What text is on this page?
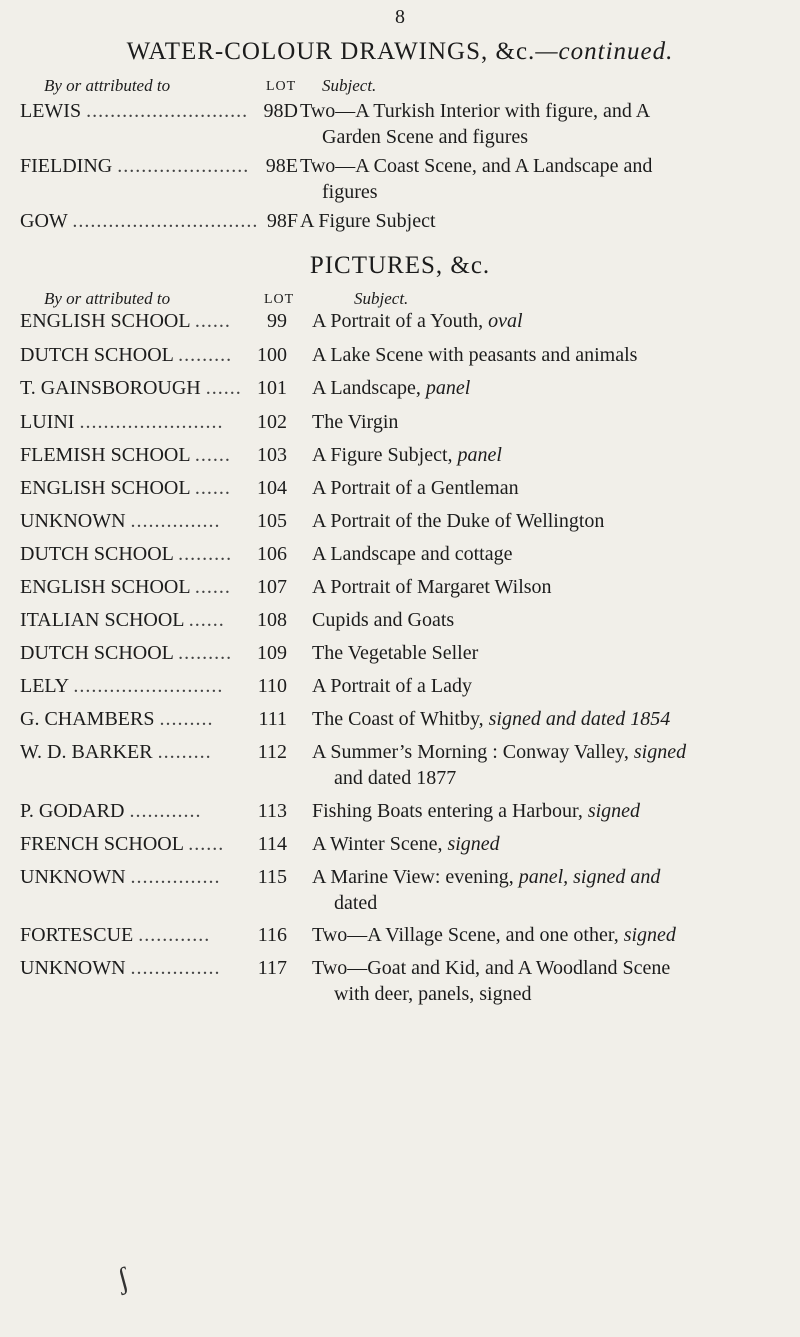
8
WATER-COLOUR DRAWINGS, &c.—continued.
By or attributed to	LOT Subject.
LEWIS ........................... 98D Two—A Turkish Interior with figure, and A
Garden Scene and figures
FIELDING ...................... 98E Two—A Coast Scene, and A Landscape and
figures
GOW ............................... 98F A Figure Subject
PICTURES, &c.
By or attributed to	LOT	Subject.
ENGLISH SCHOOL ......	99 A Portrait of a Youth, oval
DUTCH SCHOOL .........	100 A Lake Scene with peasants and animals
T. GAINSBOROUGH ...... 101 A Landscape, panel
LUINI ........................	102 The Virgin
FLEMISH SCHOOL ......	103 A Figure Subject, panel
ENGLISH SCHOOL ......	104 A Portrait of a Gentleman
UNKNOWN ...............	105 A Portrait of the Duke of Wellington
DUTCH SCHOOL .........	106 A Landscape and cottage
ENGLISH SCHOOL ......	107 A Portrait of Margaret Wilson
ITALIAN SCHOOL ......	108 Cupids and Goats
DUTCH SCHOOL .........	109 The Vegetable Seller
LELY .........................	110 A Portrait of a Lady
G. CHAMBERS .........	111 The Coast of Whitby, signed and dated 1854
W. D. BARKER .........	112 A Summer’s Morning : Conway Valley, signed
and dated 1877
P. GODARD ............	113 Fishing Boats entering a Harbour, signed
FRENCH SCHOOL ......	114 A Winter Scene, signed
UNKNOWN ...............	115 A Marine View: evening, panel, signed and
dated
FORTESCUE ............	116 Two—A Village Scene, and one other, signed
UNKNOWN ...............	117 Two—Goat and Kid, and A Woodland Scene
with deer, panels, signed
ʃ
